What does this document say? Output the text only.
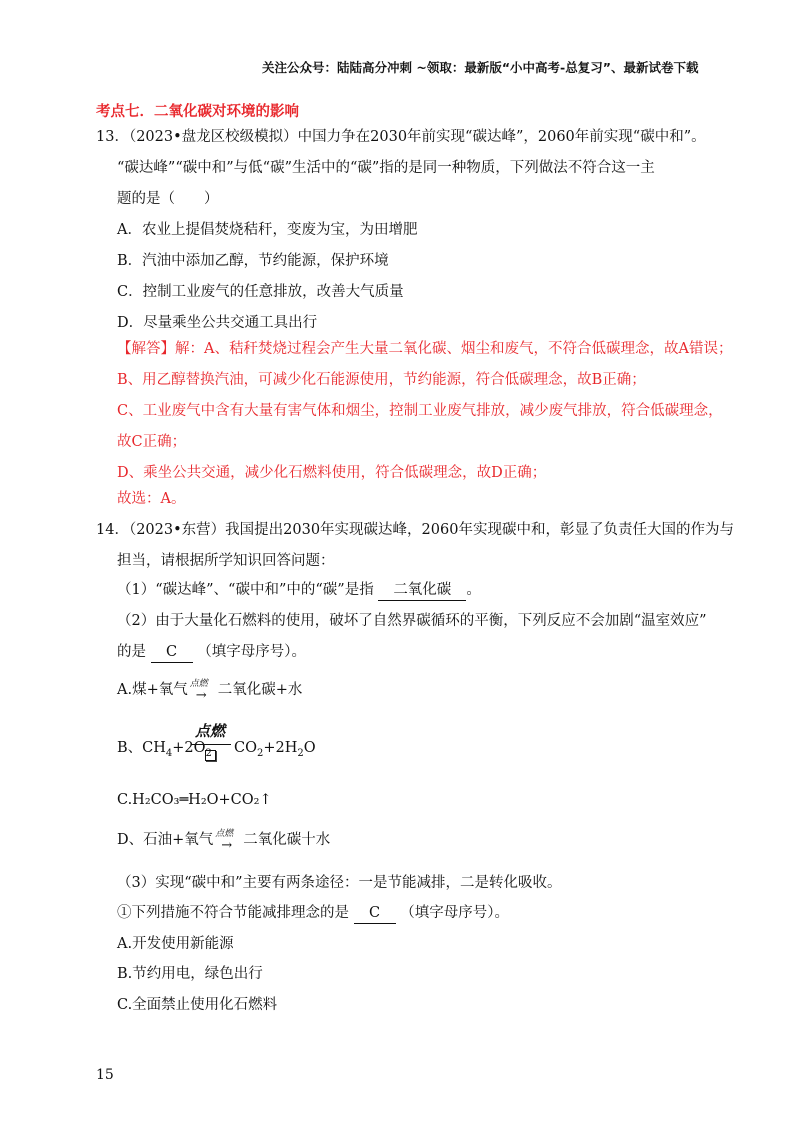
关注公众号：陆陆高分冲刺 ~领取：最新版“小中高考-总复习”、最新试卷下载
考点七．二氧化碳对环境的影响
13．（2023•盘龙区校级模拟）中国力争在2030年前实现“碳达峰”，2060年前实现“碳中和”。
“碳达峰”“碳中和”与低“碳”生活中的“碳”指的是同一种物质，下列做法不符合这一主
题的是（　　）
A．农业上提倡焚烧秸秆，变废为宝，为田增肥
B．汽油中添加乙醇，节约能源，保护环境
C．控制工业废气的任意排放，改善大气质量
D．尽量乘坐公共交通工具出行
【解答】解：A、秸秆焚烧过程会产生大量二氧化碳、烟尘和废气，不符合低碳理念，故A错误；
B、用乙醇替换汽油，可减少化石能源使用，节约能源，符合低碳理念，故B正确；
C、工业废气中含有大量有害气体和烟尘，控制工业废气排放，减少废气排放，符合低碳理念，
故C正确；
D、乘坐公共交通，减少化石燃料使用，符合低碳理念，故D正确；
故选：A。
14．（2023•东营）我国提出2030年实现碳达峰，2060年实现碳中和，彰显了负责任大国的作为与
担当，请根据所学知识回答问题：
（1）“碳达峰”、“碳中和”中的“碳”是指 二氧化碳 。
（2）由于大量化石燃料的使用，破坏了自然界碳循环的平衡，下列反应不会加剧“温室效应”
的是 C （填字母序号）。
A.煤+氧气 点燃
→ 二氧化碳+水
B、$CH_4+2O_2$
点燃
$CO_2+2H_2O$
C.H₂CO₃═H₂O+CO₂↑
D、石油+氧气 点燃
→ 二氧化碳十水
（3）实现“碳中和”主要有两条途径：一是节能减排，二是转化吸收。
①下列措施不符合节能减排理念的是 C （填字母序号）。
A.开发使用新能源
B.节约用电，绿色出行
C.全面禁止使用化石燃料
15
